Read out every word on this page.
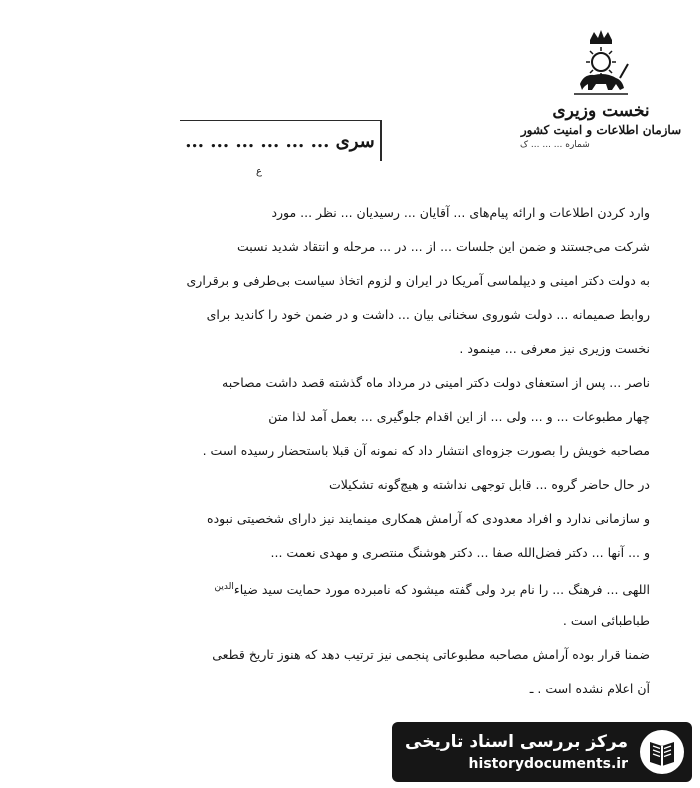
نخست وزیری
سازمان اطلاعات و امنیت کشور
شماره ... ... ... ک
سری ... ... ... ... ... ...
ع
وارد کردن اطلاعات و ارائه پیام‌های ... آقایان ... رسیدیان ... نظر ... مورد
شرکت می‌جستند و ضمن این جلسات ... از ... در ... مرحله و انتقاد شدید نسبت
به دولت دکتر امینی و دیپلماسی آمریکا در ایران و لزوم اتخاذ سیاست بی‌طرفی و برقراری
روابط صمیمانه ... دولت شوروی سخنانی بیان ... داشت و در ضمن خود را کاندید برای
نخست وزیری نیز معرفی ... مینمود .
ناصر ... پس از استعفای دولت دکتر امینی در مرداد ماه گذشته قصد داشت مصاحبه
چهار مطبوعات ... و ... ولی ... از این اقدام جلوگیری ... بعمل آمد لذا متن
مصاحبه خویش را بصورت جزوه‌ای انتشار داد که نمونه آن قبلا باستحضار رسیده است .
در حال حاضر گروه ... قابل توجهی نداشته و هیچ‌گونه تشکیلات
و سازمانی ندارد و افراد معدودی که آرامش همکاری مینمایند نیز دارای شخصیتی نبوده
و ... آنها ... دکتر فضل‌الله صفا ... دکتر هوشنگ منتصری و مهدی نعمت ...
اللهی ... فرهنگ ... را نام برد ولی گفته میشود که نامبرده مورد حمایت سید ضیاء$^{الدین}$
طباطبائی است .
ضمنا قرار بوده آرامش مصاحبه مطبوعاتی پنجمی نیز ترتیب دهد که هنوز تاریخ قطعی
آن اعلام نشده است . ـ
مرکز بررسی اسناد تاریخی
historydocuments.ir
